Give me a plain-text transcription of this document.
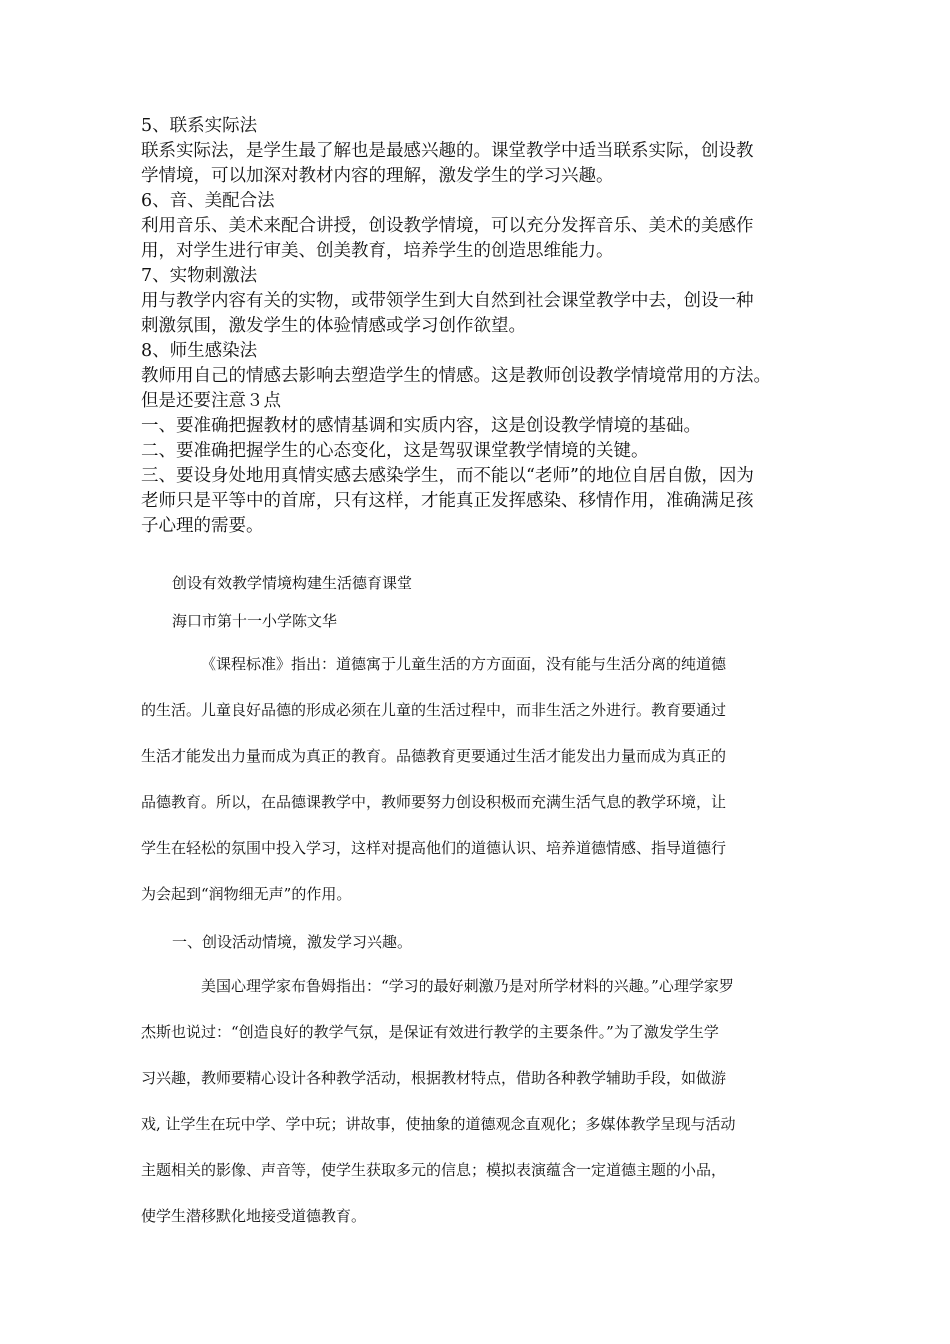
5、联系实际法
联系实际法，是学生最了解也是最感兴趣的。课堂教学中适当联系实际，创设教
学情境，可以加深对教材内容的理解，激发学生的学习兴趣。
6、音、美配合法
利用音乐、美术来配合讲授，创设教学情境，可以充分发挥音乐、美术的美感作
用，对学生进行审美、创美教育，培养学生的创造思维能力。
7、实物刺激法
用与教学内容有关的实物，或带领学生到大自然到社会课堂教学中去，创设一种
刺激氛围，激发学生的体验情感或学习创作欲望。
8、师生感染法
教师用自己的情感去影响去塑造学生的情感。这是教师创设教学情境常用的方法。
但是还要注意３点
一、要准确把握教材的感情基调和实质内容，这是创设教学情境的基础。
二、要准确把握学生的心态变化，这是驾驭课堂教学情境的关键。
三、要设身处地用真情实感去感染学生，而不能以“老师”的地位自居自傲，因为
老师只是平等中的首席，只有这样，才能真正发挥感染、移情作用，准确满足孩
子心理的需要。
创设有效教学情境构建生活德育课堂
海口市第十一小学陈文华
《课程标准》指出：道德寓于儿童生活的方方面面，没有能与生活分离的纯道德
的生活。儿童良好品德的形成必须在儿童的生活过程中，而非生活之外进行。教育要通过
生活才能发出力量而成为真正的教育。品德教育更要通过生活才能发出力量而成为真正的
品德教育。所以，在品德课教学中，教师要努力创设积极而充满生活气息的教学环境，让
学生在轻松的氛围中投入学习，这样对提高他们的道德认识、培养道德情感、指导道德行
为会起到“润物细无声”的作用。
一、创设活动情境，激发学习兴趣。
美国心理学家布鲁姆指出：“学习的最好刺激乃是对所学材料的兴趣。”心理学家罗
杰斯也说过：“创造良好的教学气氛，是保证有效进行教学的主要条件。”为了激发学生学
习兴趣，教师要精心设计各种教学活动，根据教材特点，借助各种教学辅助手段，如做游
戏, 让学生在玩中学、学中玩；讲故事，使抽象的道德观念直观化；多媒体教学呈现与活动
主题相关的影像、声音等，使学生获取多元的信息；模拟表演蕴含一定道德主题的小品，
使学生潜移默化地接受道德教育。
